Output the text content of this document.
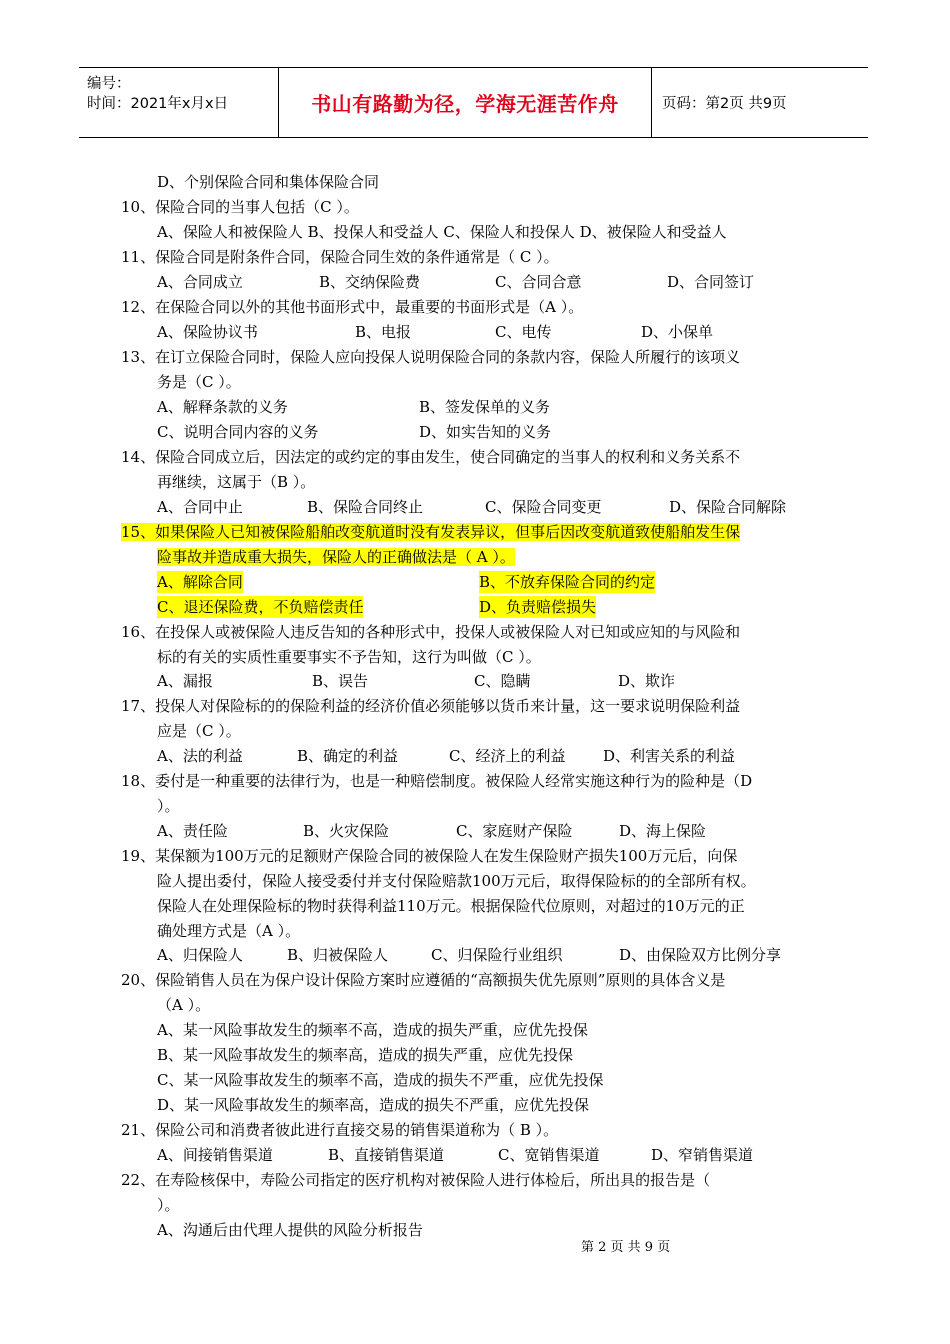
编号：
时间：2021年x月x日	书山有路勤为径，学海无涯苦作舟	页码：第2页 共9页
D、个别保险合同和集体保险合同
10、保险合同的当事人包括（C ）。
A、保险人和被保险人 B、投保人和受益人 C、保险人和投保人 D、被保险人和受益人
11、保险合同是附条件合同，保险合同生效的条件通常是（ C ）。
A、合同成立	B、交纳保险费	C、合同合意	D、合同签订
12、在保险合同以外的其他书面形式中，最重要的书面形式是（A ）。
A、保险协议书	B、电报	C、电传	D、小保单
13、在订立保险合同时，保险人应向投保人说明保险合同的条款内容，保险人所履行的该项义
务是（C ）。
A、解释条款的义务	B、签发保单的义务
C、说明合同内容的义务	D、如实告知的义务
14、保险合同成立后，因法定的或约定的事由发生，使合同确定的当事人的权利和义务关系不
再继续，这属于（B ）。
A、合同中止	B、保险合同终止	C、保险合同变更	D、保险合同解除
15、如果保险人已知被保险船舶改变航道时没有发表异议，但事后因改变航道致使船舶发生保
险事故并造成重大损失，保险人的正确做法是（ A ）。
A、解除合同	B、不放弃保险合同的约定
C、退还保险费，不负赔偿责任	D、负责赔偿损失
16、在投保人或被保险人违反告知的各种形式中，投保人或被保险人对已知或应知的与风险和
标的有关的实质性重要事实不予告知，这行为叫做（C ）。
A、漏报	B、误告	C、隐瞒	D、欺诈
17、投保人对保险标的的保险利益的经济价值必须能够以货币来计量，这一要求说明保险利益
应是（C ）。
A、法的利益	B、确定的利益	C、经济上的利益	D、利害关系的利益
18、委付是一种重要的法律行为，也是一种赔偿制度。被保险人经常实施这种行为的险种是（D
）。
A、责任险	B、火灾保险	C、家庭财产保险	D、海上保险
19、某保额为100万元的足额财产保险合同的被保险人在发生保险财产损失100万元后，向保
险人提出委付，保险人接受委付并支付保险赔款100万元后，取得保险标的的全部所有权。
保险人在处理保险标的物时获得利益110万元。根据保险代位原则，对超过的10万元的正
确处理方式是（A ）。
A、归保险人	B、归被保险人	C、归保险行业组织	D、由保险双方比例分享
20、保险销售人员在为保户设计保险方案时应遵循的“高额损失优先原则”原则的具体含义是
（A ）。
A、某一风险事故发生的频率不高，造成的损失严重，应优先投保
B、某一风险事故发生的频率高，造成的损失严重，应优先投保
C、某一风险事故发生的频率不高，造成的损失不严重，应优先投保
D、某一风险事故发生的频率高，造成的损失不严重，应优先投保
21、保险公司和消费者彼此进行直接交易的销售渠道称为（ B ）。
A、间接销售渠道	B、直接销售渠道	C、宽销售渠道	D、窄销售渠道
22、在寿险核保中，寿险公司指定的医疗机构对被保险人进行体检后，所出具的报告是（
）。
A、沟通后由代理人提供的风险分析报告
第 2 页 共 9 页
